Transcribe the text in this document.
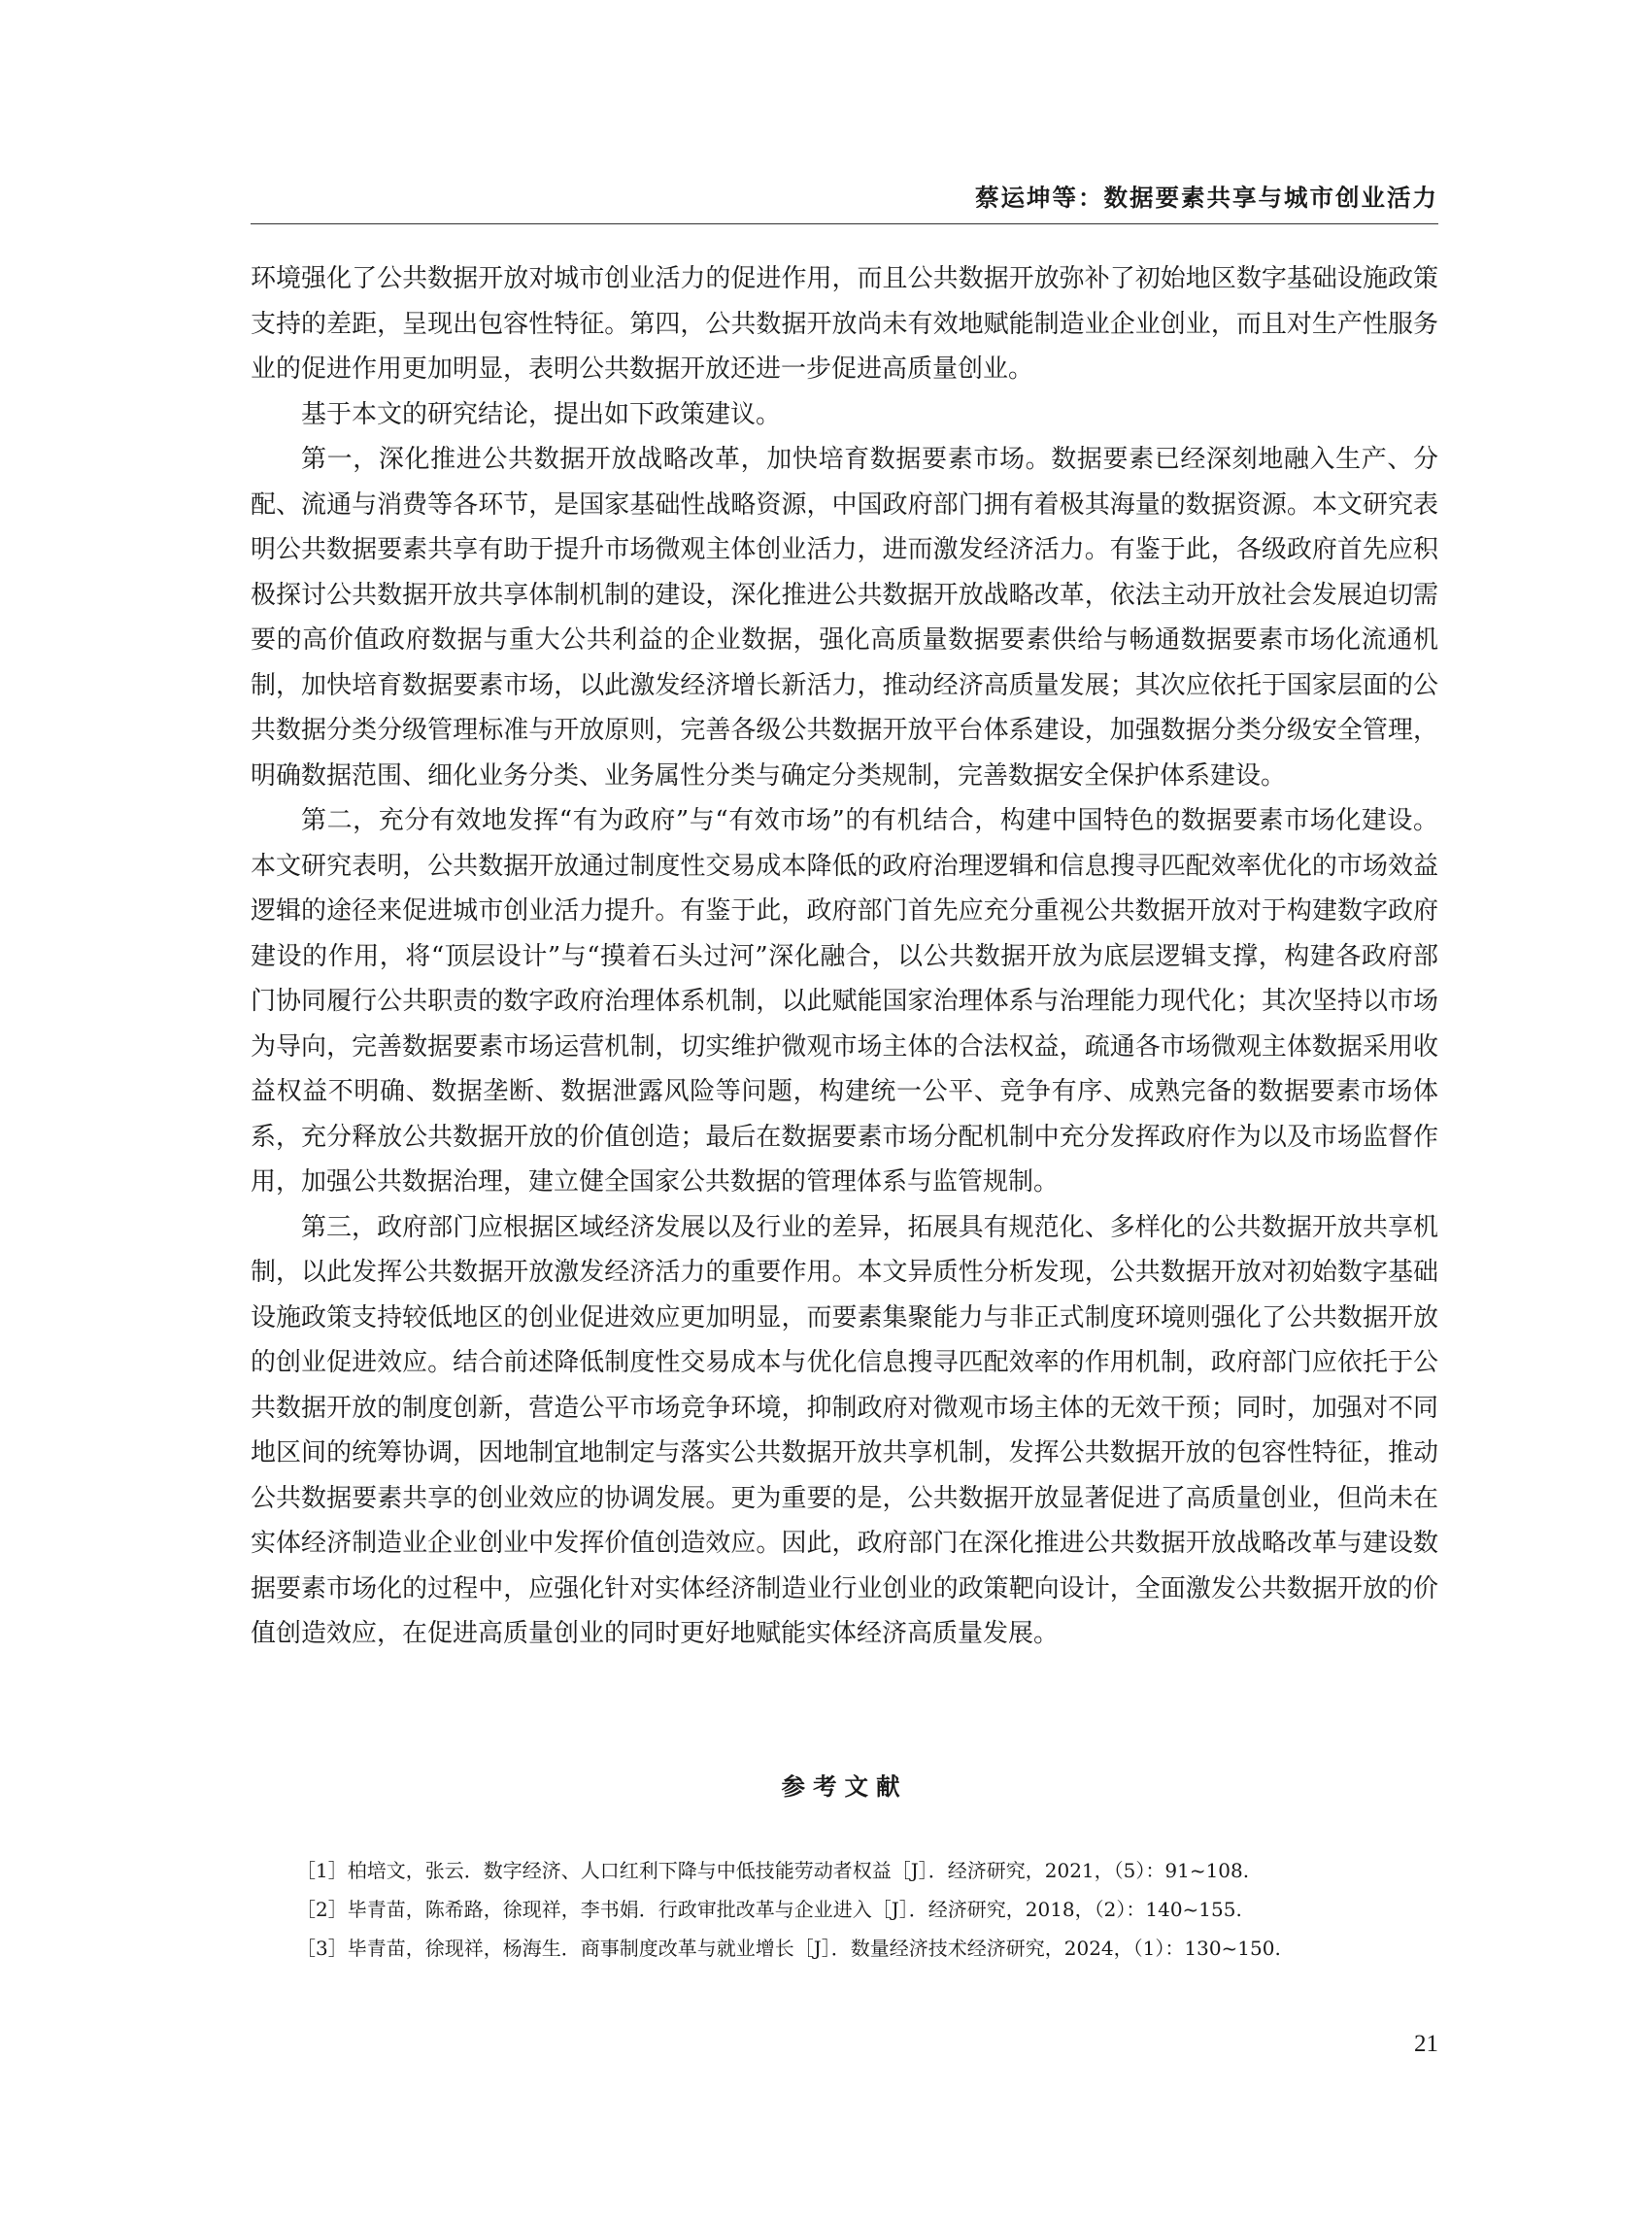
蔡运坤等：数据要素共享与城市创业活力

环境强化了公共数据开放对城市创业活力的促进作用，而且公共数据开放弥补了初始地区数字基础设施政策支持的差距，呈现出包容性特征。第四，公共数据开放尚未有效地赋能制造业企业创业，而且对生产性服务业的促进作用更加明显，表明公共数据开放还进一步促进高质量创业。

基于本文的研究结论，提出如下政策建议。

第一，深化推进公共数据开放战略改革，加快培育数据要素市场。数据要素已经深刻地融入生产、分配、流通与消费等各环节，是国家基础性战略资源，中国政府部门拥有着极其海量的数据资源。本文研究表明公共数据要素共享有助于提升市场微观主体创业活力，进而激发经济活力。有鉴于此，各级政府首先应积极探讨公共数据开放共享体制机制的建设，深化推进公共数据开放战略改革，依法主动开放社会发展迫切需要的高价值政府数据与重大公共利益的企业数据，强化高质量数据要素供给与畅通数据要素市场化流通机制，加快培育数据要素市场，以此激发经济增长新活力，推动经济高质量发展；其次应依托于国家层面的公共数据分类分级管理标准与开放原则，完善各级公共数据开放平台体系建设，加强数据分类分级安全管理，明确数据范围、细化业务分类、业务属性分类与确定分类规制，完善数据安全保护体系建设。

第二，充分有效地发挥“有为政府”与“有效市场”的有机结合，构建中国特色的数据要素市场化建设。本文研究表明，公共数据开放通过制度性交易成本降低的政府治理逻辑和信息搜寻匹配效率优化的市场效益逻辑的途径来促进城市创业活力提升。有鉴于此，政府部门首先应充分重视公共数据开放对于构建数字政府建设的作用，将“顶层设计”与“摸着石头过河”深化融合，以公共数据开放为底层逻辑支撑，构建各政府部门协同履行公共职责的数字政府治理体系机制，以此赋能国家治理体系与治理能力现代化；其次坚持以市场为导向，完善数据要素市场运营机制，切实维护微观市场主体的合法权益，疏通各市场微观主体数据采用收益权益不明确、数据垄断、数据泄露风险等问题，构建统一公平、竞争有序、成熟完备的数据要素市场体系，充分释放公共数据开放的价值创造；最后在数据要素市场分配机制中充分发挥政府作为以及市场监督作用，加强公共数据治理，建立健全国家公共数据的管理体系与监管规制。

第三，政府部门应根据区域经济发展以及行业的差异，拓展具有规范化、多样化的公共数据开放共享机制，以此发挥公共数据开放激发经济活力的重要作用。本文异质性分析发现，公共数据开放对初始数字基础设施政策支持较低地区的创业促进效应更加明显，而要素集聚能力与非正式制度环境则强化了公共数据开放的创业促进效应。结合前述降低制度性交易成本与优化信息搜寻匹配效率的作用机制，政府部门应依托于公共数据开放的制度创新，营造公平市场竞争环境，抑制政府对微观市场主体的无效干预；同时，加强对不同地区间的统筹协调，因地制宜地制定与落实公共数据开放共享机制，发挥公共数据开放的包容性特征，推动公共数据要素共享的创业效应的协调发展。更为重要的是，公共数据开放显著促进了高质量创业，但尚未在实体经济制造业企业创业中发挥价值创造效应。因此，政府部门在深化推进公共数据开放战略改革与建设数据要素市场化的过程中，应强化针对实体经济制造业行业创业的政策靶向设计，全面激发公共数据开放的价值创造效应，在促进高质量创业的同时更好地赋能实体经济高质量发展。

参考文献
［1］柏培文，张云．数字经济、人口红利下降与中低技能劳动者权益［J］．经济研究，2021，（5）：91~108.
［2］毕青苗，陈希路，徐现祥，李书娟．行政审批改革与企业进入［J］．经济研究，2018，（2）：140~155.
［3］毕青苗，徐现祥，杨海生．商事制度改革与就业增长［J］．数量经济技术经济研究，2024，（1）：130~150.
21
